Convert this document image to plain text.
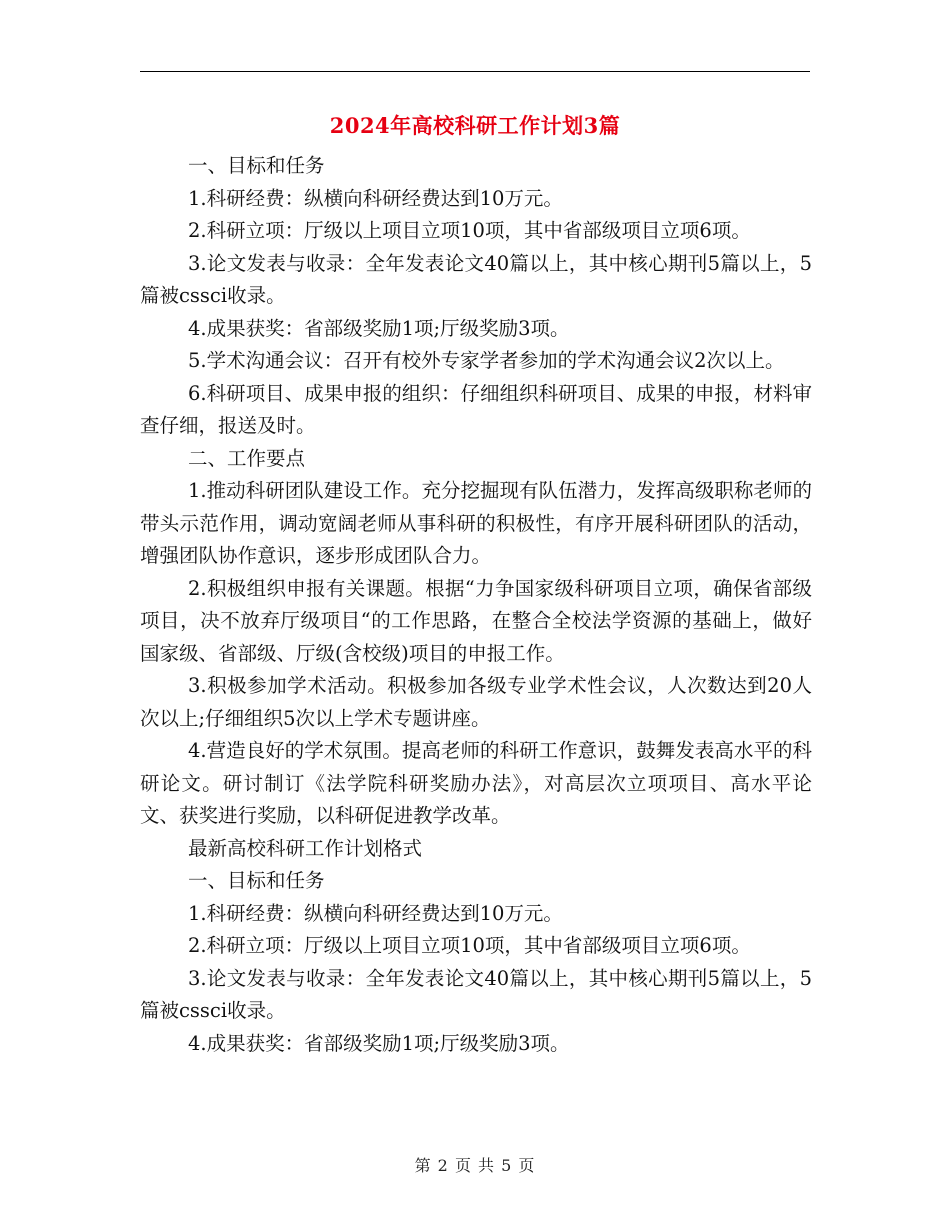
2024年高校科研工作计划3篇

一、目标和任务

1.科研经费：纵横向科研经费达到10万元。

2.科研立项：厅级以上项目立项10项，其中省部级项目立项6项。

3.论文发表与收录：全年发表论文40篇以上，其中核心期刊5篇以上，5篇被cssci收录。

4.成果获奖：省部级奖励1项;厅级奖励3项。

5.学术沟通会议：召开有校外专家学者参加的学术沟通会议2次以上。

6.科研项目、成果申报的组织：仔细组织科研项目、成果的申报，材料审查仔细，报送及时。

二、工作要点

1.推动科研团队建设工作。充分挖掘现有队伍潜力，发挥高级职称老师的带头示范作用，调动宽阔老师从事科研的积极性，有序开展科研团队的活动，增强团队协作意识，逐步形成团队合力。

2.积极组织申报有关课题。根据“力争国家级科研项目立项，确保省部级项目，决不放弃厅级项目“的工作思路，在整合全校法学资源的基础上，做好国家级、省部级、厅级(含校级)项目的申报工作。

3.积极参加学术活动。积极参加各级专业学术性会议，人次数达到20人次以上;仔细组织5次以上学术专题讲座。

4.营造良好的学术氛围。提高老师的科研工作意识，鼓舞发表高水平的科研论文。研讨制订《法学院科研奖励办法》，对高层次立项项目、高水平论文、获奖进行奖励，以科研促进教学改革。

最新高校科研工作计划格式

一、目标和任务

1.科研经费：纵横向科研经费达到10万元。

2.科研立项：厅级以上项目立项10项，其中省部级项目立项6项。

3.论文发表与收录：全年发表论文40篇以上，其中核心期刊5篇以上，5篇被cssci收录。

4.成果获奖：省部级奖励1项;厅级奖励3项。

第 2 页 共 5 页
